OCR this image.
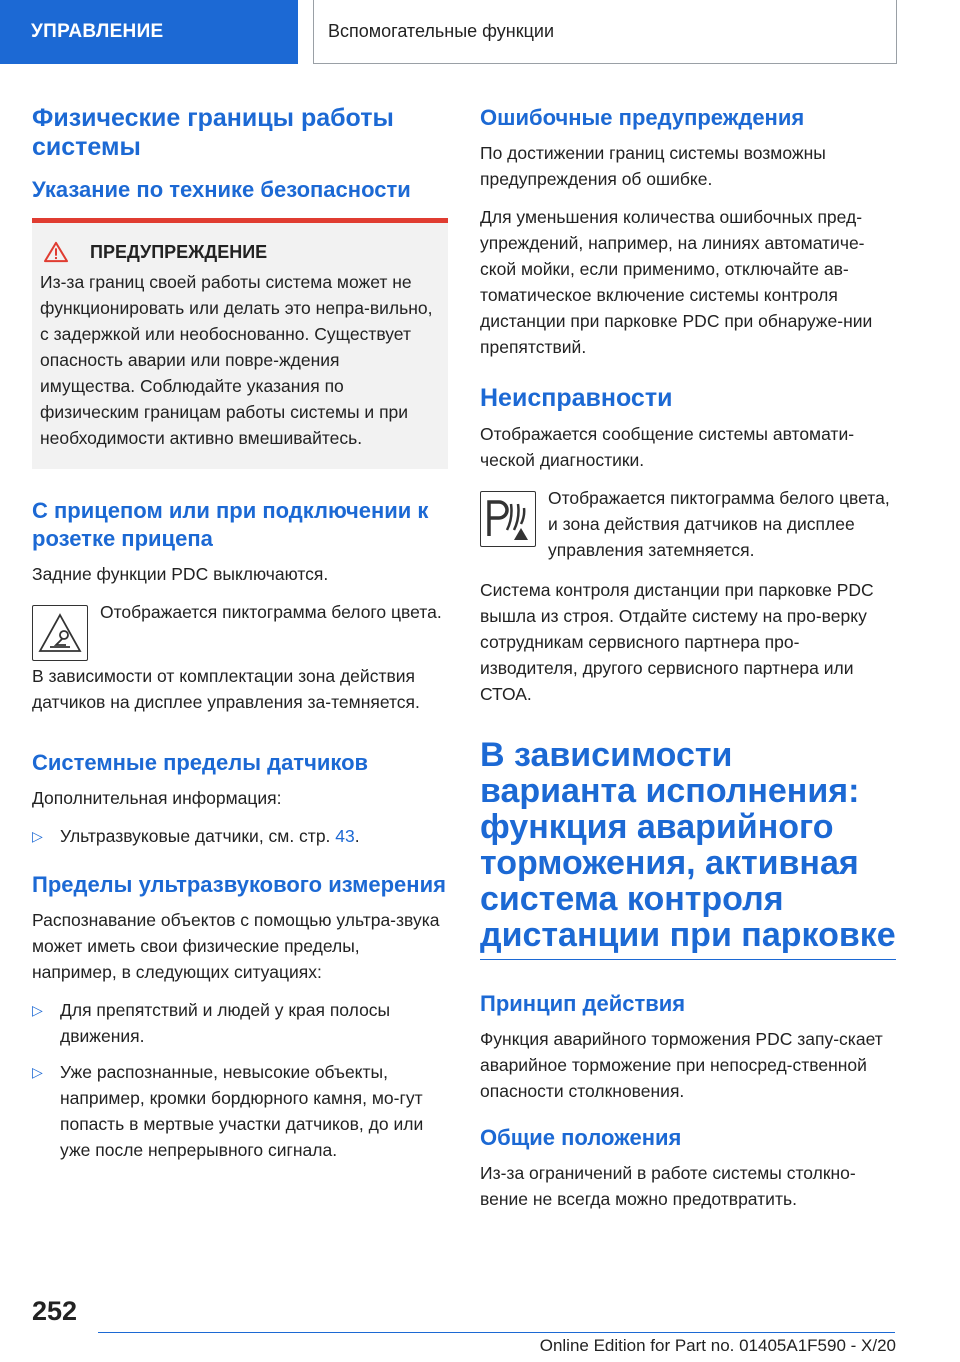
УПРАВЛЕНИЕ	Вспомогательные функции
Физические границы работы системы
Указание по технике безопасности
ПРЕДУПРЕЖДЕНИЕ

Из-за границ своей работы система может не функционировать или делать это непра-вильно, с задержкой или необоснованно. Существует опасность аварии или повре-ждения имущества. Соблюдайте указания по физическим границам работы системы и при необходимости активно вмешивайтесь.

С прицепом или при подключении к розетке прицепа

Задние функции PDC выключаются.

Отображается пиктограмма белого цвета.

В зависимости от комплектации зона действия датчиков на дисплее управления за-темняется.

Системные пределы датчиков

Дополнительная информация:

▷ Ультразвуковые датчики, см. стр. 43.
Пределы ультразвукового измерения

Распознавание объектов с помощью ультра-звука может иметь свои физические пределы, например, в следующих ситуациях:

▷ Для препятствий и людей у края полосы движения.
▷ Уже распознанные, невысокие объекты, например, кромки бордюрного камня, мо-гут попасть в мертвые участки датчиков, до или уже после непрерывного сигнала.
Ошибочные предупреждения

По достижении границ системы возможны предупреждения об ошибке.

Для уменьшения количества ошибочных пред-упреждений, например, на линиях автоматиче-ской мойки, если применимо, отключайте ав-томатическое включение системы контроля дистанции при парковке PDC при обнаруже-нии препятствий.

Неисправности

Отображается сообщение системы автомати-ческой диагностики.

Отображается пиктограмма белого цвета, и зона действия датчиков на дисплее управления затемняется.

Система контроля дистанции при парковке PDC вышла из строя. Отдайте систему на про-верку сотрудникам сервисного партнера про-изводителя, другого сервисного партнера или СТОА.

В зависимости варианта исполнения: функция аварийного торможения, активная система контроля дистанции при парковке
Принцип действия

Функция аварийного торможения PDC запу-скает аварийное торможение при непосред-ственной опасности столкновения.

Общие положения

Из-за ограничений в работе системы столкно-вение не всегда можно предотвратить.

252
Online Edition for Part no. 01405A1F590 - X/20
